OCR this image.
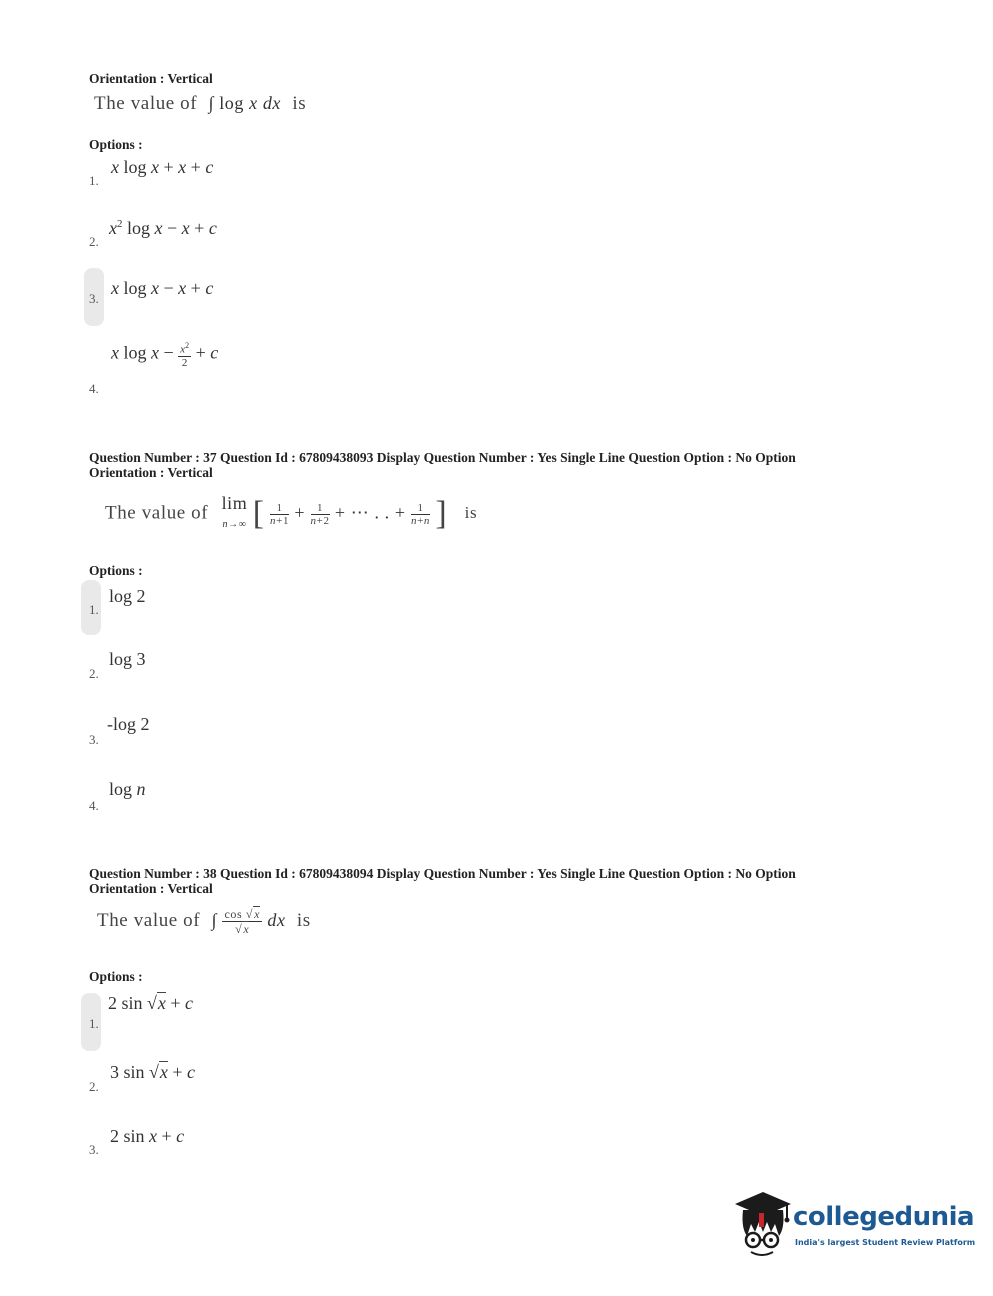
Orientation : Vertical
The value of ∫ log x dx is
Options :
1.
x log x + x + c
2.
$x^2$ log x − x + c
3.
x log x − x + c
4.
x $\log x - \frac{x^2}{2} + c$
Question Number : 37 Question Id : 67809438093 Display Question Number : Yes Single Line Question Option : No Option
Orientation : Vertical
The value of lim
n→∞ [ $\frac{1}{n+1} + \frac{1}{n+2}$ + ⋯ . . + $\frac{1}{n+n}$ ] is
Options :
1.
log 2
2.
log 3
3.
-log 2
4.
log n
Question Number : 38 Question Id : 67809438094 Display Question Number : Yes Single Line Question Option : No Option
Orientation : Vertical
The value of ∫ $\frac{\cos √x}{√x}$ dx is
Options :
1.
2 sin √x + c
2.
3 sin √x + c
3.
2 sin x + c
collegedunia
India's largest Student Review Platform
